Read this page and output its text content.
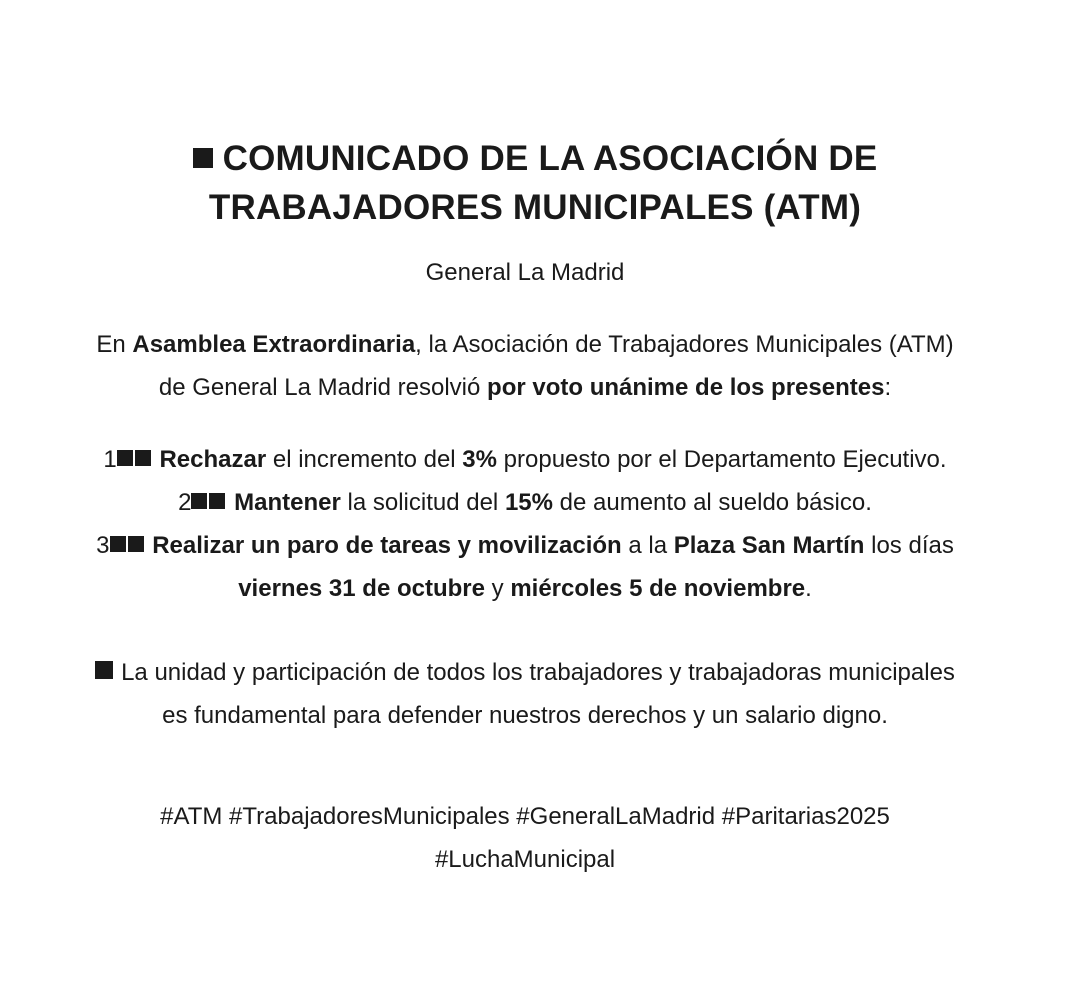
COMUNICADO DE LA ASOCIACIÓN DE
TRABAJADORES MUNICIPALES (ATM)
General La Madrid
En Asamblea Extraordinaria, la Asociación de Trabajadores Municipales (ATM)
de General La Madrid resolvió por voto unánime de los presentes:
1 Rechazar el incremento del 3% propuesto por el Departamento Ejecutivo.
2 Mantener la solicitud del 15% de aumento al sueldo básico.
3 Realizar un paro de tareas y movilización a la Plaza San Martín los días
viernes 31 de octubre y miércoles 5 de noviembre.
La unidad y participación de todos los trabajadores y trabajadoras municipales
es fundamental para defender nuestros derechos y un salario digno.
#ATM #TrabajadoresMunicipales #GeneralLaMadrid #Paritarias2025
#LuchaMunicipal
